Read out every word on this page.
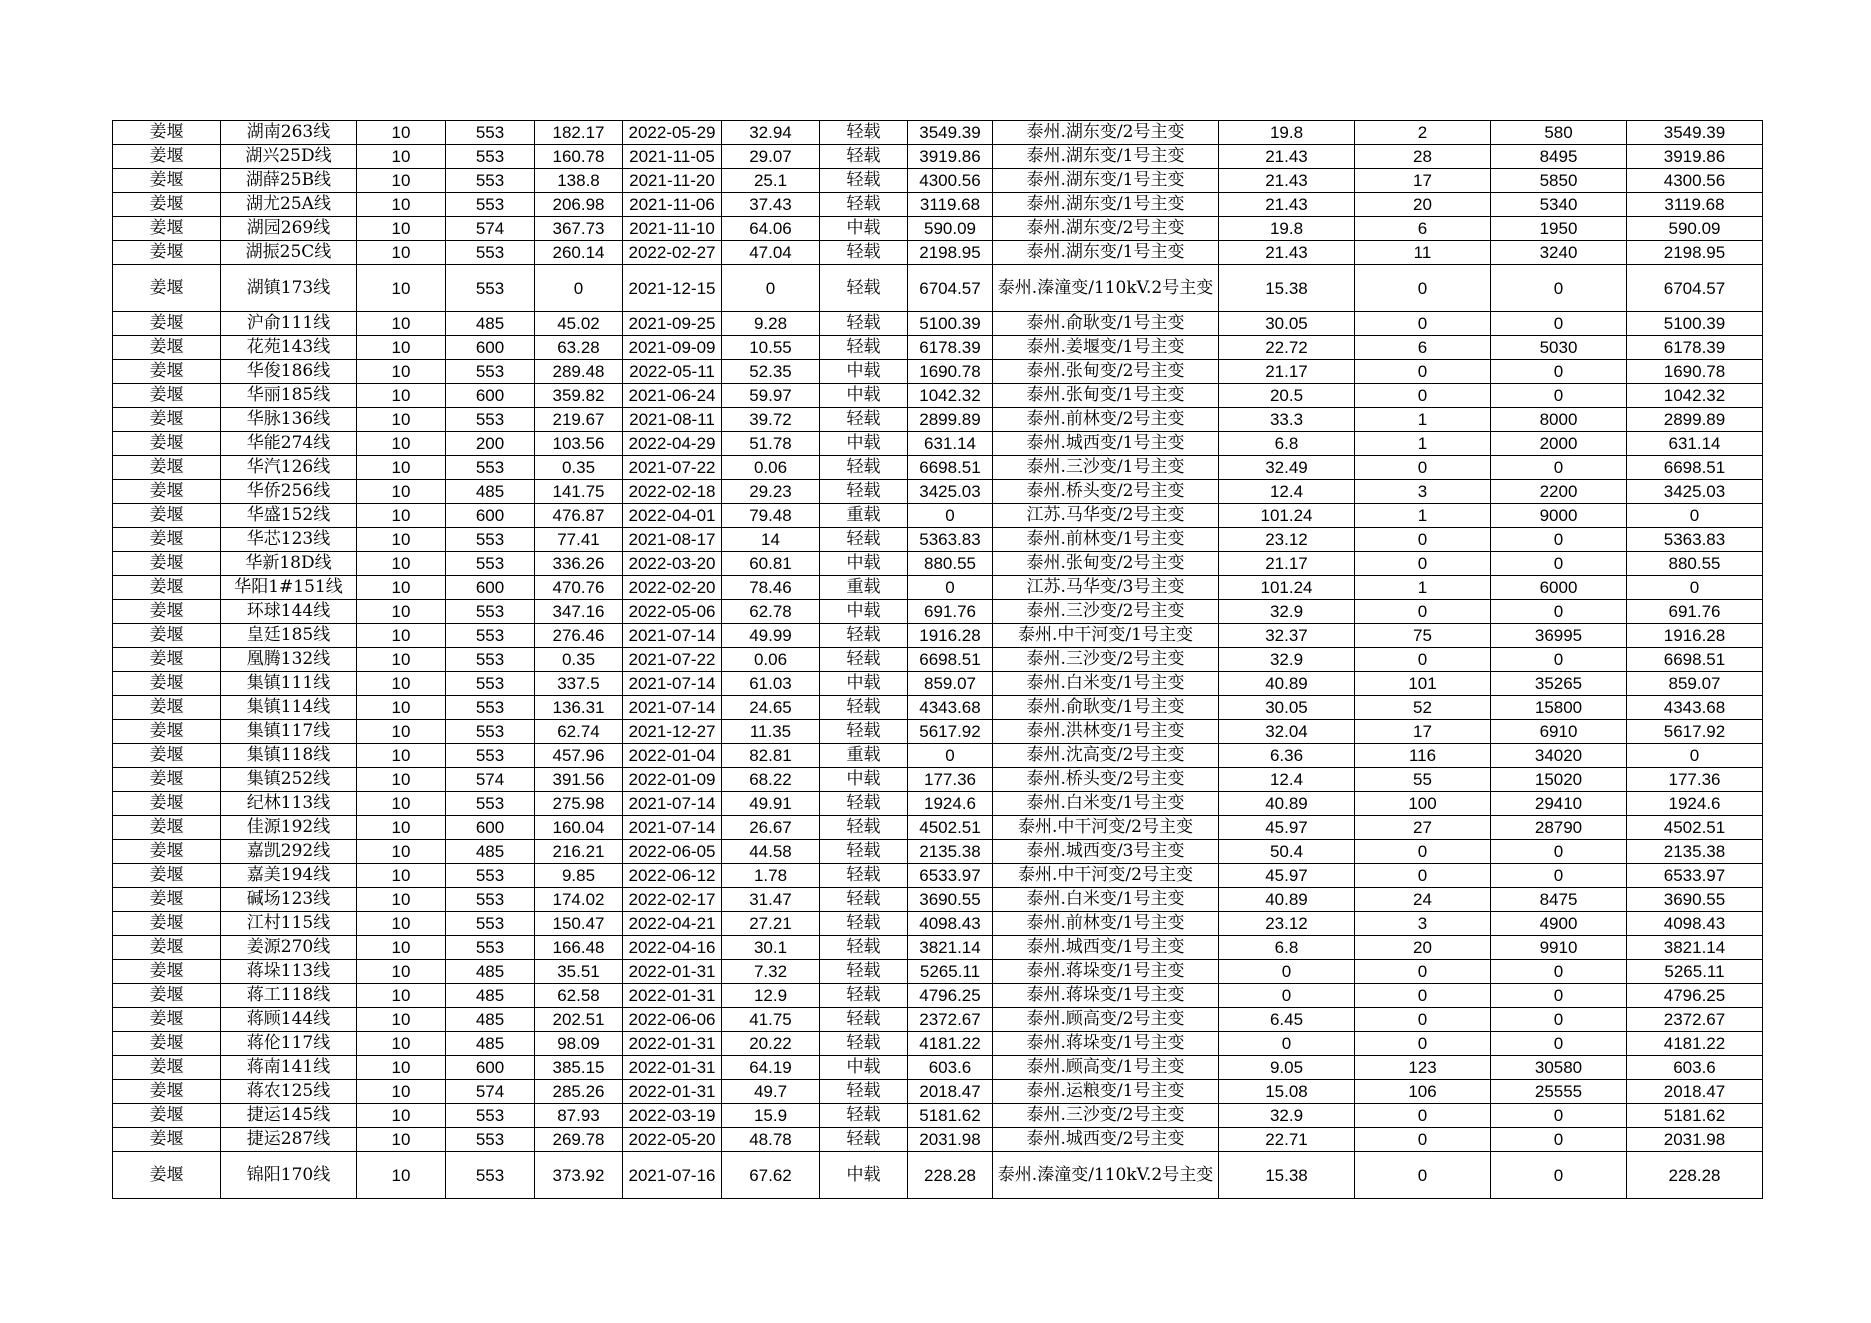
姜堰	湖南263线	10	553	182.17	2022-05-29	32.94	轻载	3549.39	泰州.湖东变/2号主变	19.8	2	580	3549.39
姜堰	湖兴25D线	10	553	160.78	2021-11-05	29.07	轻载	3919.86	泰州.湖东变/1号主变	21.43	28	8495	3919.86
姜堰	湖薛25B线	10	553	138.8	2021-11-20	25.1	轻载	4300.56	泰州.湖东变/1号主变	21.43	17	5850	4300.56
姜堰	湖尤25A线	10	553	206.98	2021-11-06	37.43	轻载	3119.68	泰州.湖东变/1号主变	21.43	20	5340	3119.68
姜堰	湖园269线	10	574	367.73	2021-11-10	64.06	中载	590.09	泰州.湖东变/2号主变	19.8	6	1950	590.09
姜堰	湖振25C线	10	553	260.14	2022-02-27	47.04	轻载	2198.95	泰州.湖东变/1号主变	21.43	11	3240	2198.95
姜堰	湖镇173线	10	553	0	2021-12-15	0	轻载	6704.57	泰州.溱潼变/110kV.2号主变	15.38	0	0	6704.57
姜堰	沪俞111线	10	485	45.02	2021-09-25	9.28	轻载	5100.39	泰州.俞耿变/1号主变	30.05	0	0	5100.39
姜堰	花苑143线	10	600	63.28	2021-09-09	10.55	轻载	6178.39	泰州.姜堰变/1号主变	22.72	6	5030	6178.39
姜堰	华俊186线	10	553	289.48	2022-05-11	52.35	中载	1690.78	泰州.张甸变/2号主变	21.17	0	0	1690.78
姜堰	华丽185线	10	600	359.82	2021-06-24	59.97	中载	1042.32	泰州.张甸变/1号主变	20.5	0	0	1042.32
姜堰	华脉136线	10	553	219.67	2021-08-11	39.72	轻载	2899.89	泰州.前林变/2号主变	33.3	1	8000	2899.89
姜堰	华能274线	10	200	103.56	2022-04-29	51.78	中载	631.14	泰州.城西变/1号主变	6.8	1	2000	631.14
姜堰	华汽126线	10	553	0.35	2021-07-22	0.06	轻载	6698.51	泰州.三沙变/1号主变	32.49	0	0	6698.51
姜堰	华侨256线	10	485	141.75	2022-02-18	29.23	轻载	3425.03	泰州.桥头变/2号主变	12.4	3	2200	3425.03
姜堰	华盛152线	10	600	476.87	2022-04-01	79.48	重载	0	江苏.马华变/2号主变	101.24	1	9000	0
姜堰	华芯123线	10	553	77.41	2021-08-17	14	轻载	5363.83	泰州.前林变/1号主变	23.12	0	0	5363.83
姜堰	华新18D线	10	553	336.26	2022-03-20	60.81	中载	880.55	泰州.张甸变/2号主变	21.17	0	0	880.55
姜堰	华阳1#151线	10	600	470.76	2022-02-20	78.46	重载	0	江苏.马华变/3号主变	101.24	1	6000	0
姜堰	环球144线	10	553	347.16	2022-05-06	62.78	中载	691.76	泰州.三沙变/2号主变	32.9	0	0	691.76
姜堰	皇廷185线	10	553	276.46	2021-07-14	49.99	轻载	1916.28	泰州.中干河变/1号主变	32.37	75	36995	1916.28
姜堰	凰腾132线	10	553	0.35	2021-07-22	0.06	轻载	6698.51	泰州.三沙变/2号主变	32.9	0	0	6698.51
姜堰	集镇111线	10	553	337.5	2021-07-14	61.03	中载	859.07	泰州.白米变/1号主变	40.89	101	35265	859.07
姜堰	集镇114线	10	553	136.31	2021-07-14	24.65	轻载	4343.68	泰州.俞耿变/1号主变	30.05	52	15800	4343.68
姜堰	集镇117线	10	553	62.74	2021-12-27	11.35	轻载	5617.92	泰州.洪林变/1号主变	32.04	17	6910	5617.92
姜堰	集镇118线	10	553	457.96	2022-01-04	82.81	重载	0	泰州.沈高变/2号主变	6.36	116	34020	0
姜堰	集镇252线	10	574	391.56	2022-01-09	68.22	中载	177.36	泰州.桥头变/2号主变	12.4	55	15020	177.36
姜堰	纪林113线	10	553	275.98	2021-07-14	49.91	轻载	1924.6	泰州.白米变/1号主变	40.89	100	29410	1924.6
姜堰	佳源192线	10	600	160.04	2021-07-14	26.67	轻载	4502.51	泰州.中干河变/2号主变	45.97	27	28790	4502.51
姜堰	嘉凯292线	10	485	216.21	2022-06-05	44.58	轻载	2135.38	泰州.城西变/3号主变	50.4	0	0	2135.38
姜堰	嘉美194线	10	553	9.85	2022-06-12	1.78	轻载	6533.97	泰州.中干河变/2号主变	45.97	0	0	6533.97
姜堰	碱场123线	10	553	174.02	2022-02-17	31.47	轻载	3690.55	泰州.白米变/1号主变	40.89	24	8475	3690.55
姜堰	江村115线	10	553	150.47	2022-04-21	27.21	轻载	4098.43	泰州.前林变/1号主变	23.12	3	4900	4098.43
姜堰	姜源270线	10	553	166.48	2022-04-16	30.1	轻载	3821.14	泰州.城西变/1号主变	6.8	20	9910	3821.14
姜堰	蒋垛113线	10	485	35.51	2022-01-31	7.32	轻载	5265.11	泰州.蒋垛变/1号主变	0	0	0	5265.11
姜堰	蒋工118线	10	485	62.58	2022-01-31	12.9	轻载	4796.25	泰州.蒋垛变/1号主变	0	0	0	4796.25
姜堰	蒋顾144线	10	485	202.51	2022-06-06	41.75	轻载	2372.67	泰州.顾高变/2号主变	6.45	0	0	2372.67
姜堰	蒋伦117线	10	485	98.09	2022-01-31	20.22	轻载	4181.22	泰州.蒋垛变/1号主变	0	0	0	4181.22
姜堰	蒋南141线	10	600	385.15	2022-01-31	64.19	中载	603.6	泰州.顾高变/1号主变	9.05	123	30580	603.6
姜堰	蒋农125线	10	574	285.26	2022-01-31	49.7	轻载	2018.47	泰州.运粮变/1号主变	15.08	106	25555	2018.47
姜堰	捷运145线	10	553	87.93	2022-03-19	15.9	轻载	5181.62	泰州.三沙变/2号主变	32.9	0	0	5181.62
姜堰	捷运287线	10	553	269.78	2022-05-20	48.78	轻载	2031.98	泰州.城西变/2号主变	22.71	0	0	2031.98
姜堰	锦阳170线	10	553	373.92	2021-07-16	67.62	中载	228.28	泰州.溱潼变/110kV.2号主变	15.38	0	0	228.28
